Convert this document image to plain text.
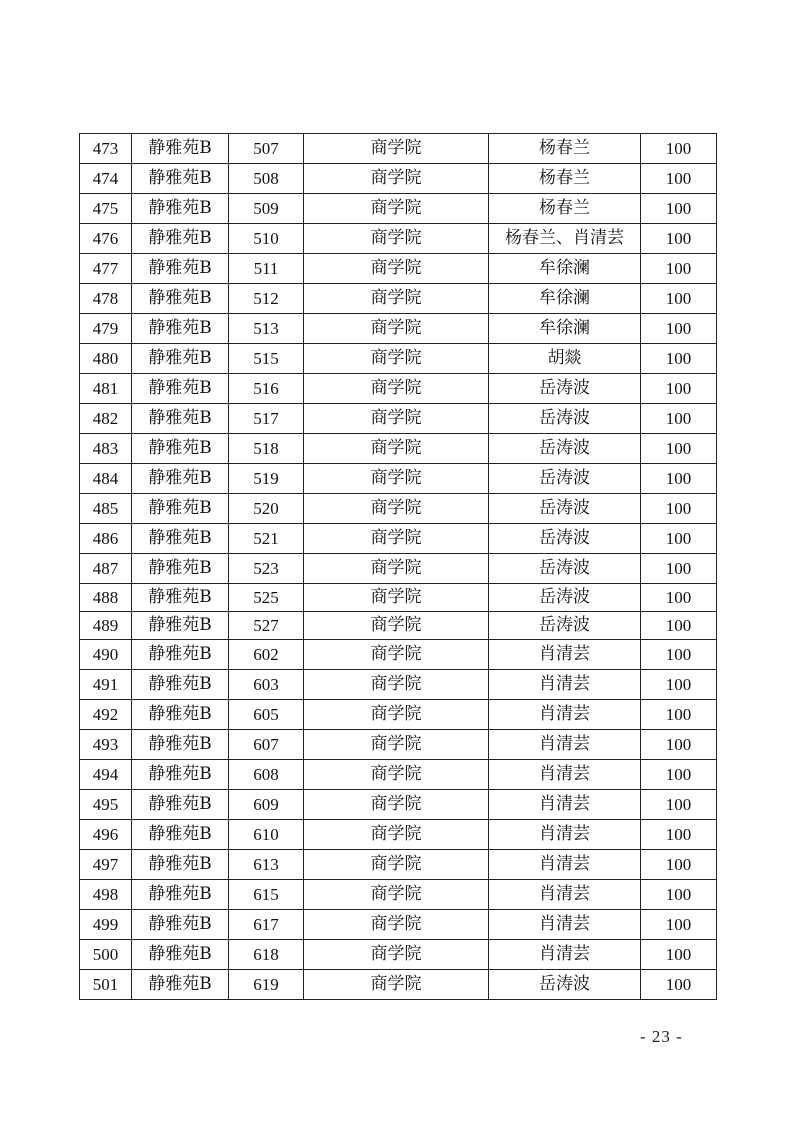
473	静雅苑B	507	商学院	杨春兰	100
474	静雅苑B	508	商学院	杨春兰	100
475	静雅苑B	509	商学院	杨春兰	100
476	静雅苑B	510	商学院	杨春兰、肖清芸	100
477	静雅苑B	511	商学院	牟徐澜	100
478	静雅苑B	512	商学院	牟徐澜	100
479	静雅苑B	513	商学院	牟徐澜	100
480	静雅苑B	515	商学院	胡燚	100
481	静雅苑B	516	商学院	岳涛波	100
482	静雅苑B	517	商学院	岳涛波	100
483	静雅苑B	518	商学院	岳涛波	100
484	静雅苑B	519	商学院	岳涛波	100
485	静雅苑B	520	商学院	岳涛波	100
486	静雅苑B	521	商学院	岳涛波	100
487	静雅苑B	523	商学院	岳涛波	100
488	静雅苑B	525	商学院	岳涛波	100
489	静雅苑B	527	商学院	岳涛波	100
490	静雅苑B	602	商学院	肖清芸	100
491	静雅苑B	603	商学院	肖清芸	100
492	静雅苑B	605	商学院	肖清芸	100
493	静雅苑B	607	商学院	肖清芸	100
494	静雅苑B	608	商学院	肖清芸	100
495	静雅苑B	609	商学院	肖清芸	100
496	静雅苑B	610	商学院	肖清芸	100
497	静雅苑B	613	商学院	肖清芸	100
498	静雅苑B	615	商学院	肖清芸	100
499	静雅苑B	617	商学院	肖清芸	100
500	静雅苑B	618	商学院	肖清芸	100
501	静雅苑B	619	商学院	岳涛波	100
- 23 -
